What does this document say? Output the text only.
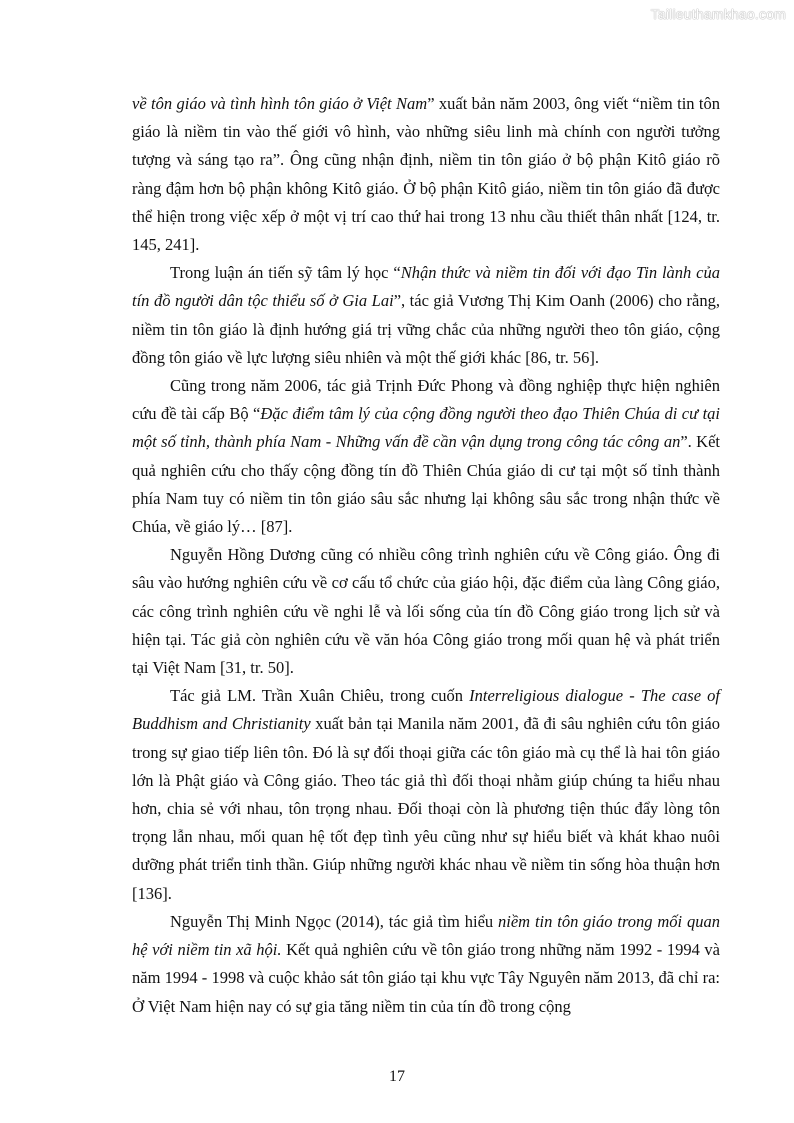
Tailieuthamkhao.com

về tôn giáo và tình hình tôn giáo ở Việt Nam” xuất bản năm 2003, ông viết “niềm tin tôn giáo là niềm tin vào thế giới vô hình, vào những siêu linh mà chính con người tưởng tượng và sáng tạo ra”. Ông cũng nhận định, niềm tin tôn giáo ở bộ phận Kitô giáo rõ ràng đậm hơn bộ phận không Kitô giáo. Ở bộ phận Kitô giáo, niềm tin tôn giáo đã được thể hiện trong việc xếp ở một vị trí cao thứ hai trong 13 nhu cầu thiết thân nhất [124, tr. 145, 241].

Trong luận án tiến sỹ tâm lý học “Nhận thức và niềm tin đối với đạo Tin lành của tín đồ người dân tộc thiểu số ở Gia Lai”, tác giả Vương Thị Kim Oanh (2006) cho rằng, niềm tin tôn giáo là định hướng giá trị vững chắc của những người theo tôn giáo, cộng đồng tôn giáo về lực lượng siêu nhiên và một thế giới khác [86, tr. 56].

Cũng trong năm 2006, tác giả Trịnh Đức Phong và đồng nghiệp thực hiện nghiên cứu đề tài cấp Bộ “Đặc điểm tâm lý của cộng đồng người theo đạo Thiên Chúa di cư tại một số tỉnh, thành phía Nam - Những vấn đề cần vận dụng trong công tác công an”. Kết quả nghiên cứu cho thấy cộng đồng tín đồ Thiên Chúa giáo di cư tại một số tỉnh thành phía Nam tuy có niềm tin tôn giáo sâu sắc nhưng lại không sâu sắc trong nhận thức về Chúa, về giáo lý… [87].

Nguyễn Hồng Dương cũng có nhiều công trình nghiên cứu về Công giáo. Ông đi sâu vào hướng nghiên cứu về cơ cấu tổ chức của giáo hội, đặc điểm của làng Công giáo, các công trình nghiên cứu về nghi lễ và lối sống của tín đồ Công giáo trong lịch sử và hiện tại. Tác giả còn nghiên cứu về văn hóa Công giáo trong mối quan hệ và phát triển tại Việt Nam [31, tr. 50].

Tác giả LM. Trần Xuân Chiêu, trong cuốn Interreligious dialogue - The case of Buddhism and Christianity xuất bản tại Manila năm 2001, đã đi sâu nghiên cứu tôn giáo trong sự giao tiếp liên tôn. Đó là sự đối thoại giữa các tôn giáo mà cụ thể là hai tôn giáo lớn là Phật giáo và Công giáo. Theo tác giả thì đối thoại nhằm giúp chúng ta hiểu nhau hơn, chia sẻ với nhau, tôn trọng nhau. Đối thoại còn là phương tiện thúc đẩy lòng tôn trọng lẫn nhau, mối quan hệ tốt đẹp tình yêu cũng như sự hiểu biết và khát khao nuôi dưỡng phát triển tinh thần. Giúp những người khác nhau về niềm tin sống hòa thuận hơn [136].

Nguyễn Thị Minh Ngọc (2014), tác giả tìm hiểu niềm tin tôn giáo trong mối quan hệ với niềm tin xã hội. Kết quả nghiên cứu về tôn giáo trong những năm 1992 - 1994 và năm 1994 - 1998 và cuộc khảo sát tôn giáo tại khu vực Tây Nguyên năm 2013, đã chỉ ra: Ở Việt Nam hiện nay có sự gia tăng niềm tin của tín đồ trong cộng

17
